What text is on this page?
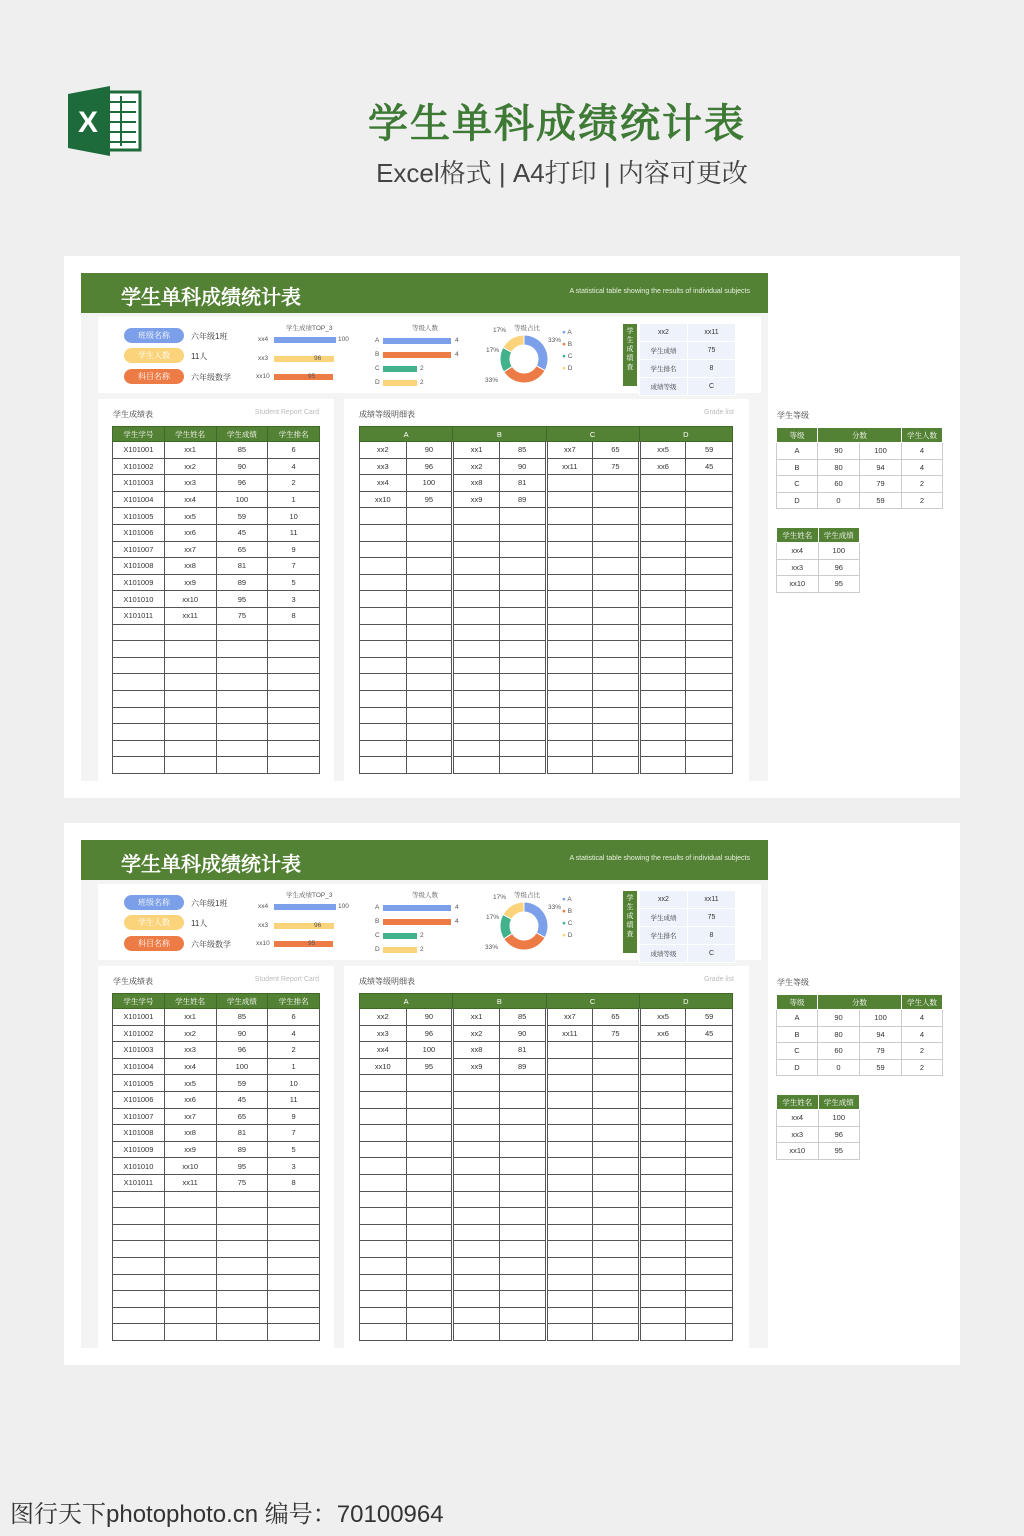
X	学生单科成绩统计表
Excel格式 | A4打印 | 内容可更改
学生单科成绩统计表	A statistical table showing the results of individual subjects
班级名称	六年级1班
学生人数	11人
科目名称	六年级数学
学生成绩TOP_3
xx4	100
xx3	96
xx10	95
等级人数
A	4
B	4
C	2
D	2
等级占比
17%
33%
17%
33%
● A
● B
● C
● D
学
生
成
绩
查
xx2	xx11
学生成绩	75
学生排名	8
成绩等级	C
学生成绩表	Student Report Card
学生学号	学生姓名	学生成绩	学生排名
X101001	xx1	85	6
X101002	xx2	90	4
X101003	xx3	96	2
X101004	xx4	100	1
X101005	xx5	59	10
X101006	xx6	45	11
X101007	xx7	65	9
X101008	xx8	81	7
X101009	xx9	89	5
X101010	xx10	95	3
X101011	xx11	75	8

成绩等级明细表	Grade list
A		B		C		D	
xx2	90	xx1	85	xx7	65	xx5	59
xx3	96	xx2	90	xx11	75	xx6	45
xx4	100	xx8	81				
xx10	95	xx9	89				

学生等级
等级	分数		学生人数
A	90	100	4
B	80	94	4
C	60	79	2
D	0	59	2
学生姓名	学生成绩
xx4	100
xx3	96
xx10	95
学生单科成绩统计表	A statistical table showing the results of individual subjects
班级名称	六年级1班
学生人数	11人
科目名称	六年级数学
学生成绩TOP_3
xx4	100
xx3	96
xx10	95
等级人数
A	4
B	4
C	2
D	2
等级占比
17%
33%
17%
33%
● A
● B
● C
● D
学
生
成
绩
查
xx2	xx11
学生成绩	75
学生排名	8
成绩等级	C
学生成绩表	Student Report Card
学生学号	学生姓名	学生成绩	学生排名
X101001	xx1	85	6
X101002	xx2	90	4
X101003	xx3	96	2
X101004	xx4	100	1
X101005	xx5	59	10
X101006	xx6	45	11
X101007	xx7	65	9
X101008	xx8	81	7
X101009	xx9	89	5
X101010	xx10	95	3
X101011	xx11	75	8

成绩等级明细表	Grade list
A		B		C		D	
xx2	90	xx1	85	xx7	65	xx5	59
xx3	96	xx2	90	xx11	75	xx6	45
xx4	100	xx8	81				
xx10	95	xx9	89				

学生等级
等级	分数		学生人数
A	90	100	4
B	80	94	4
C	60	79	2
D	0	59	2
学生姓名	学生成绩
xx4	100
xx3	96
xx10	95
图行天下photophoto.cn 编号：70100964
